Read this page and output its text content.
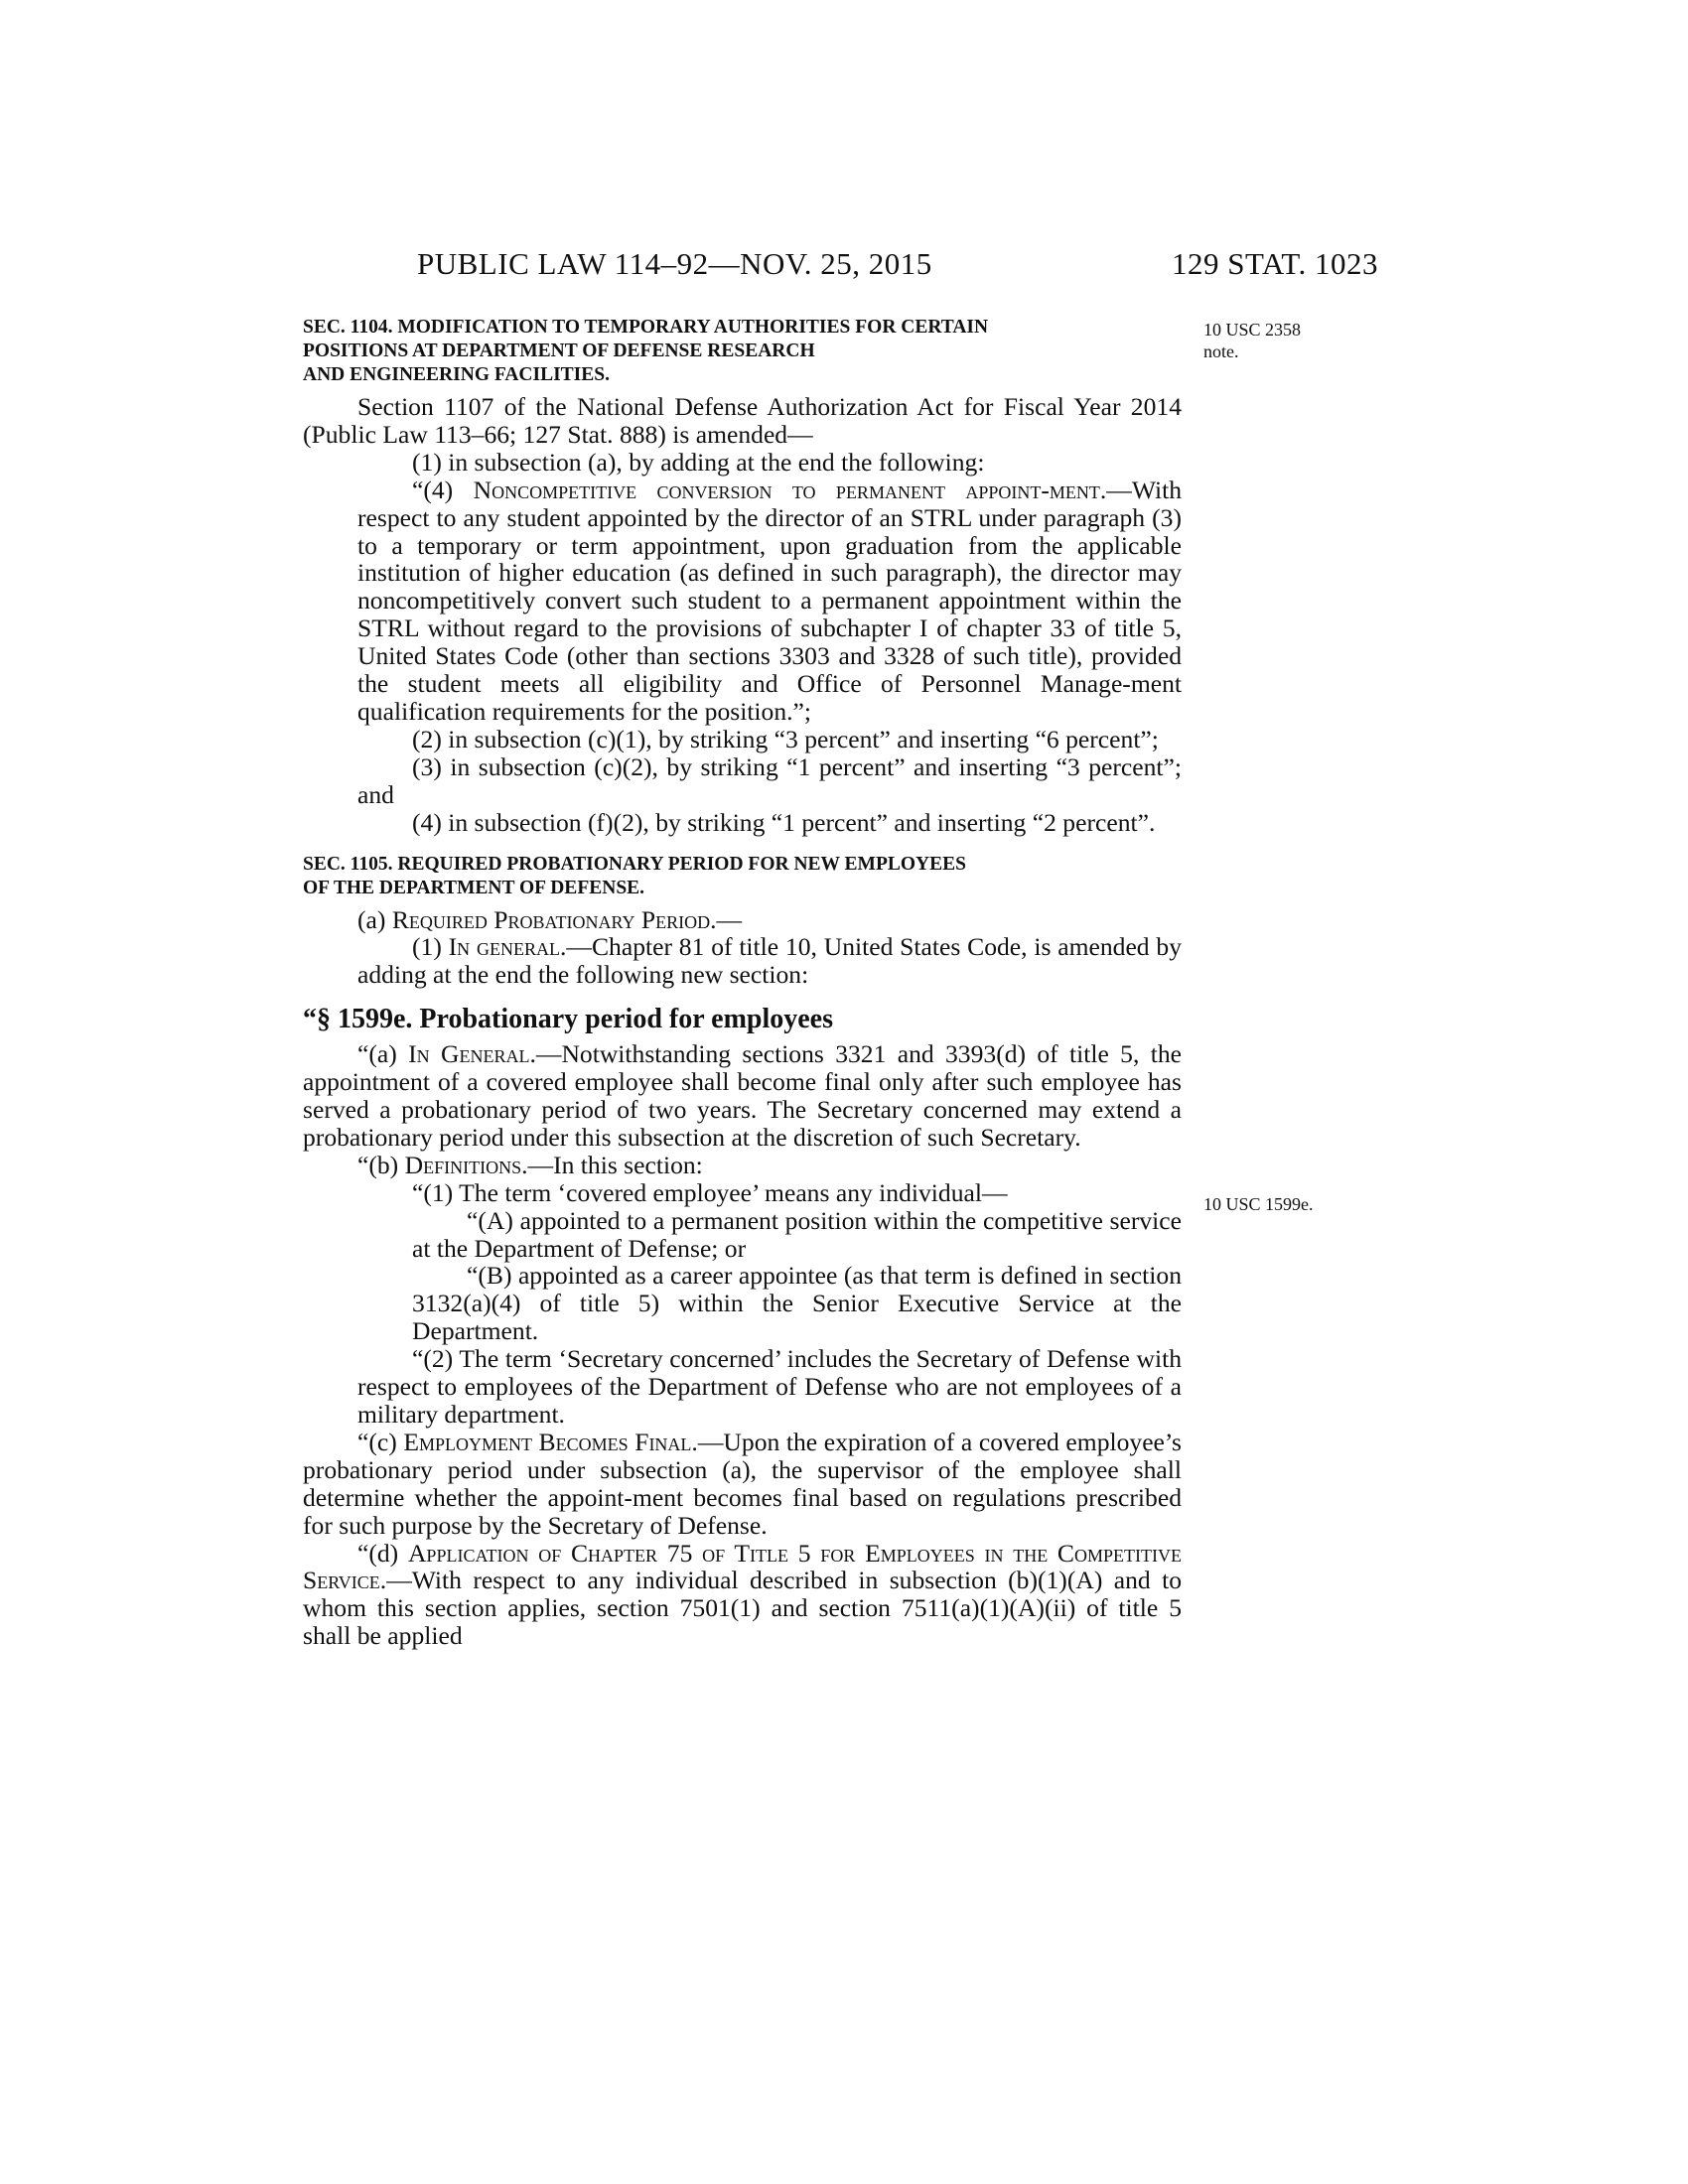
PUBLIC LAW 114–92—NOV. 25, 2015	129 STAT. 1023
10 USC 2358
note.
10 USC 1599e.

SEC. 1104. MODIFICATION TO TEMPORARY AUTHORITIES FOR CERTAIN
POSITIONS AT DEPARTMENT OF DEFENSE RESEARCH
AND ENGINEERING FACILITIES.

Section 1107 of the National Defense Authorization Act for Fiscal Year 2014 (Public Law 113–66; 127 Stat. 888) is amended—

(1) in subsection (a), by adding at the end the following:

“(4) Noncompetitive conversion to permanent appoint-ment.—With respect to any student appointed by the director of an STRL under paragraph (3) to a temporary or term appointment, upon graduation from the applicable institution of higher education (as defined in such paragraph), the director may noncompetitively convert such student to a permanent appointment within the STRL without regard to the provisions of subchapter I of chapter 33 of title 5, United States Code (other than sections 3303 and 3328 of such title), provided the student meets all eligibility and Office of Personnel Manage-ment qualification requirements for the position.”;

(2) in subsection (c)(1), by striking “3 percent” and inserting “6 percent”;

(3) in subsection (c)(2), by striking “1 percent” and inserting “3 percent”; and

(4) in subsection (f)(2), by striking “1 percent” and inserting “2 percent”.

SEC. 1105. REQUIRED PROBATIONARY PERIOD FOR NEW EMPLOYEES
OF THE DEPARTMENT OF DEFENSE.

(a) Required Probationary Period.—

(1) In general.—Chapter 81 of title 10, United States Code, is amended by adding at the end the following new section:

“§ 1599e. Probationary period for employees

“(a) In General.—Notwithstanding sections 3321 and 3393(d) of title 5, the appointment of a covered employee shall become final only after such employee has served a probationary period of two years. The Secretary concerned may extend a probationary period under this subsection at the discretion of such Secretary.

“(b) Definitions.—In this section:

“(1) The term ‘covered employee’ means any individual—

“(A) appointed to a permanent position within the competitive service at the Department of Defense; or

“(B) appointed as a career appointee (as that term is defined in section 3132(a)(4) of title 5) within the Senior Executive Service at the Department.

“(2) The term ‘Secretary concerned’ includes the Secretary of Defense with respect to employees of the Department of Defense who are not employees of a military department.

“(c) Employment Becomes Final.—Upon the expiration of a covered employee’s probationary period under subsection (a), the supervisor of the employee shall determine whether the appoint-ment becomes final based on regulations prescribed for such purpose by the Secretary of Defense.

“(d) Application of Chapter 75 of Title 5 for Employees in the Competitive Service.—With respect to any individual described in subsection (b)(1)(A) and to whom this section applies, section 7501(1) and section 7511(a)(1)(A)(ii) of title 5 shall be applied
